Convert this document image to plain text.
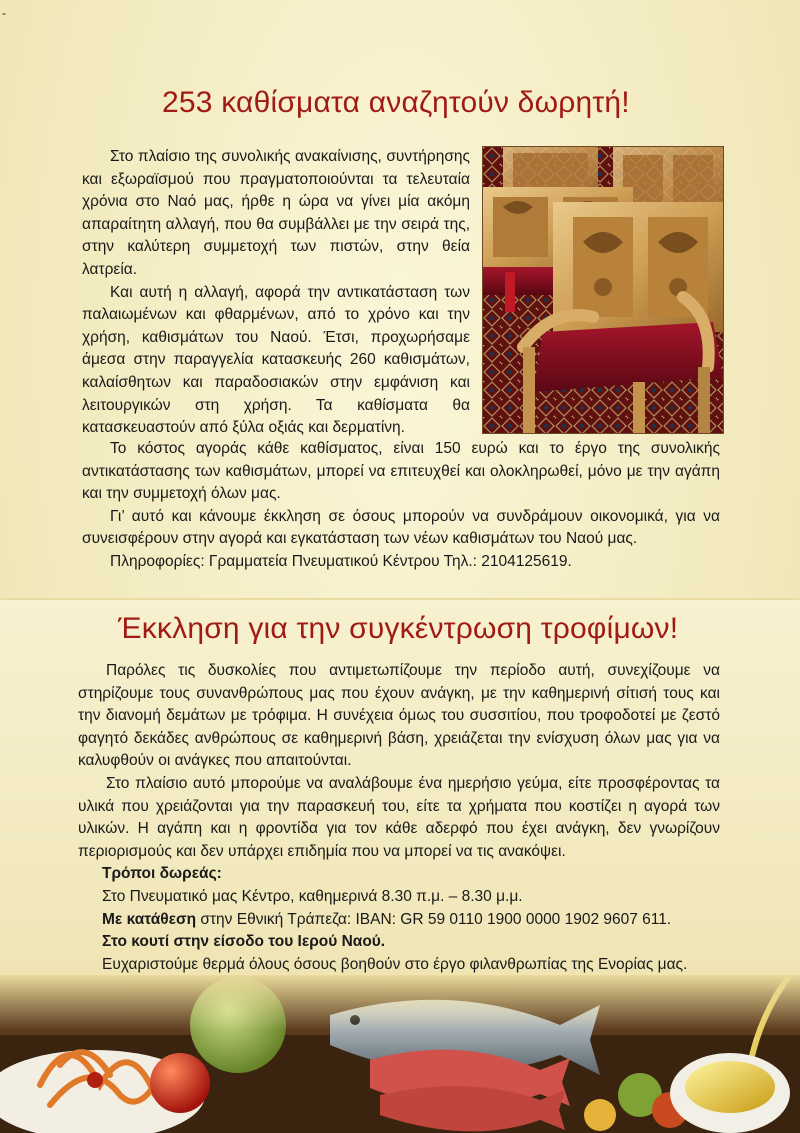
-
253 καθίσματα αναζητούν δωρητή!

Στο πλαίσιο της συνολικής ανακαίνισης, συντήρησης και εξωραϊσμού που πραγματοποιούνται τα τελευταία χρόνια στο Ναό μας, ήρθε η ώρα να γίνει μία ακόμη απαραίτητη αλλαγή, που θα συμβάλλει με την σειρά της, στην καλύτερη συμμετοχή των πιστών, στην θεία λατρεία.

Και αυτή η αλλαγή, αφορά την αντικατάσταση των παλαιωμένων και φθαρμένων, από το χρόνο και την χρήση, καθισμάτων του Ναού. Έτσι, προχωρήσαμε άμεσα στην παραγγελία κατασκευής 260 καθισμάτων, καλαίσθητων και παραδοσιακών στην εμφάνιση και λειτουργικών στη χρήση. Τα καθίσματα θα κατασκευαστούν από ξύλα οξιάς και δερματίνη.

Το κόστος αγοράς κάθε καθίσματος, είναι 150 ευρώ και το έργο της συνολικής αντικατάστασης των καθισμάτων, μπορεί να επιτευχθεί και ολοκληρωθεί, μόνο με την αγάπη και την συμμετοχή όλων μας.

Γι’ αυτό και κάνουμε έκκληση σε όσους μπορούν να συνδράμουν οικονομικά, για να συνεισφέρουν στην αγορά και εγκατάσταση των νέων καθισμάτων του Ναού μας.

Πληροφορίες: Γραμματεία Πνευματικού Κέντρου Τηλ.: 2104125619.

Έκκληση για την συγκέντρωση τροφίμων!

Παρόλες τις δυσκολίες που αντιμετωπίζουμε την περίοδο αυτή, συνεχίζουμε να στηρίζουμε τους συνανθρώπους μας που έχουν ανάγκη, με την καθημερινή σίτισή τους και την διανομή δεμάτων με τρόφιμα. Η συνέχεια όμως του συσσιτίου, που τροφοδοτεί με ζεστό φαγητό δεκάδες ανθρώπους σε καθημερινή βάση, χρειάζεται την ενίσχυση όλων μας για να καλυφθούν οι ανάγκες που απαιτούνται.

Στο πλαίσιο αυτό μπορούμε να αναλάβουμε ένα ημερήσιο γεύμα, είτε προσφέροντας τα υλικά που χρειάζονται για την παρασκευή του, είτε τα χρήματα που κοστίζει η αγορά των υλικών. Η αγάπη και η φροντίδα για τον κάθε αδερφό που έχει ανάγκη, δεν γνωρίζουν περιορισμούς και δεν υπάρχει επιδημία που να μπορεί να τις ανακόψει.

Τρόποι δωρεάς:

Στο Πνευματικό μας Κέντρο, καθημερινά 8.30 π.μ. – 8.30 μ.μ.

Με κατάθεση στην Εθνική Τράπεζα: IBAN: GR 59 0110 1900 0000 1902 9607 611.

Στο κουτί στην είσοδο του Ιερού Ναού.

Ευχαριστούμε θερμά όλους όσους βοηθούν στο έργο φιλανθρωπίας της Ενορίας μας.
